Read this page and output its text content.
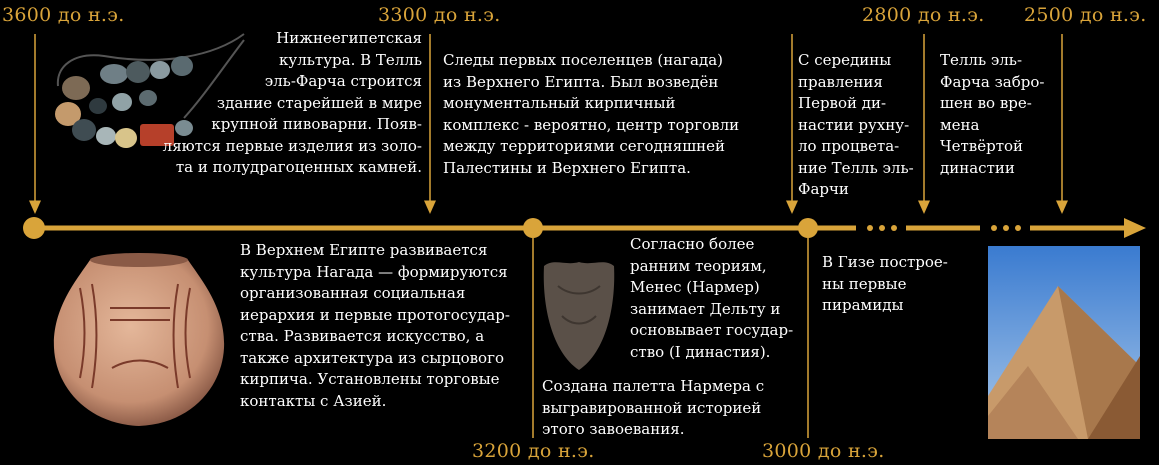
3600 до н.э.	3300 до н.э.	2800 до н.э. 2500 до н.э.
3200 до н.э.	3000 до н.э.

Нижнеегипетская
культура. В Телль
эль-Фарча строится
здание старейшей в мире
крупной пивоварни. Появ-
ляются первые изделия из золо-
та и полудрагоценных камней.

Следы первых поселенцев (нагада)
из Верхнего Египта. Был возведён
монументальный кирпичный
комплекс - вероятно, центр торговли
между территориями сегодняшней
Палестины и Верхнего Египта.

С середины
правления
Первой ди-
настии рухну-
ло процвета-
ние Телль эль-
Фарчи

Телль эль-
Фарча забро-
шен во вре-
мена
Четвёртой
династии

В Верхнем Египте развивается
культура Нагада — формируются
организованная социальная
иерархия и первые протогосудар-
ства. Развивается искусство, а
также архитектура из сырцового
кирпича. Установлены торговые
контакты с Азией.

Согласно более
ранним теориям,
Менес (Нармер)
занимает Дельту и
основывает государ-
ство (I династия).

Создана палетта Нармера с
выгравированной историей
этого завоевания.

В Гизе построе-
ны первые
пирамиды
